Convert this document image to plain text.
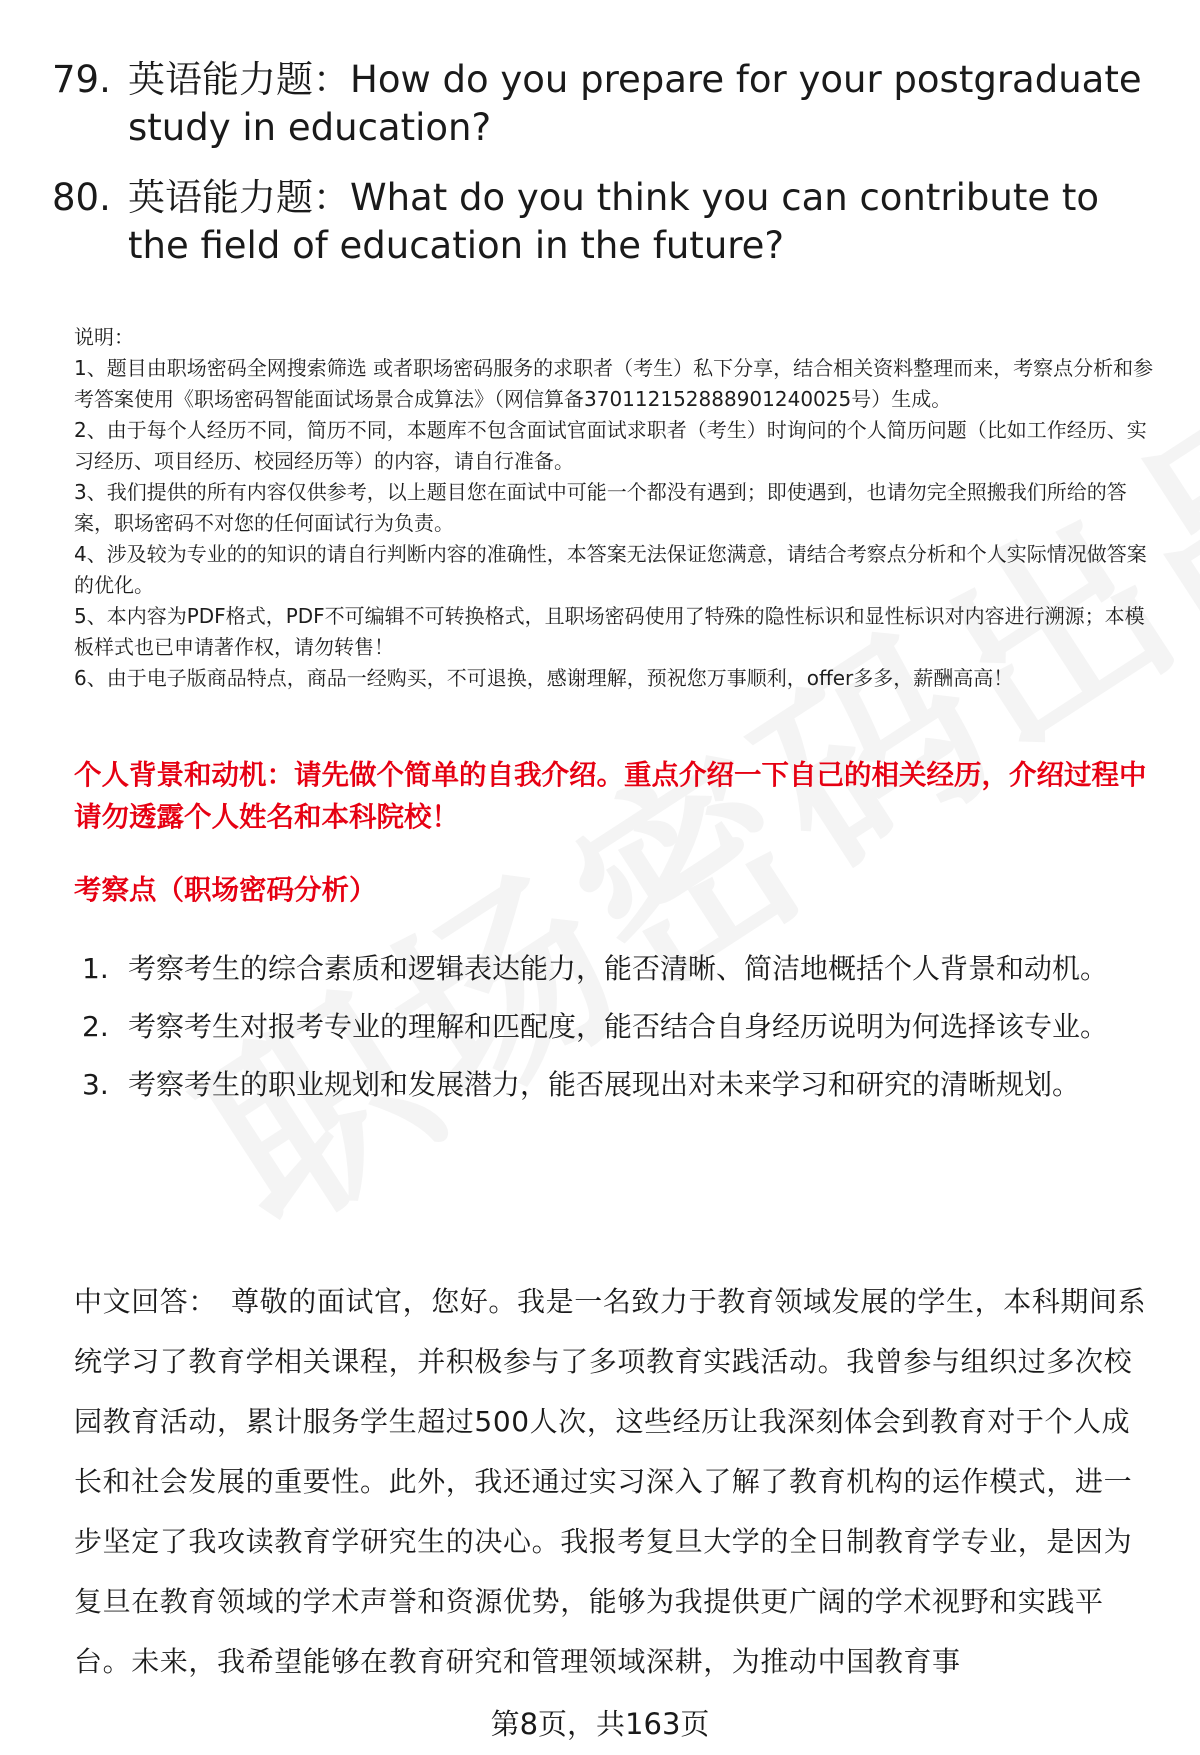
79. 英语能力题：How do you prepare for your postgraduate study in education?
80. 英语能力题：What do you think you can contribute to the field of education in the future?

说明：

1、题目由职场密码全网搜索筛选 或者职场密码服务的求职者（考生）私下分享，结合相关资料整理而来，考察点分析和参考答案使用《职场密码智能面试场景合成算法》（网信算备370112152888901240025号）生成。

2、由于每个人经历不同，简历不同，本题库不包含面试官面试求职者（考生）时询问的个人简历问题（比如工作经历、实习经历、项目经历、校园经历等）的内容，请自行准备。

3、我们提供的所有内容仅供参考，以上题目您在面试中可能一个都没有遇到；即使遇到，也请勿完全照搬我们所给的答案，职场密码不对您的任何面试行为负责。

4、涉及较为专业的的知识的请自行判断内容的准确性，本答案无法保证您满意，请结合考察点分析和个人实际情况做答案的优化。

5、本内容为PDF格式，PDF不可编辑不可转换格式，且职场密码使用了特殊的隐性标识和显性标识对内容进行溯源；本模板样式也已申请著作权，请勿转售！

6、由于电子版商品特点，商品一经购买，不可退换，感谢理解，预祝您万事顺利，offer多多，薪酬高高！

个人背景和动机：请先做个简单的自我介绍。重点介绍一下自己的相关经历，介绍过程中请勿透露个人姓名和本科院校！
考察点（职场密码分析）
1. 考察考生的综合素质和逻辑表达能力，能否清晰、简洁地概括个人背景和动机。
2. 考察考生对报考专业的理解和匹配度，能否结合自身经历说明为何选择该专业。
3. 考察考生的职业规划和发展潜力，能否展现出对未来学习和研究的清晰规划。
中文回答： 尊敬的面试官，您好。我是一名致力于教育领域发展的学生，本科期间系统学习了教育学相关课程，并积极参与了多项教育实践活动。我曾参与组织过多次校园教育活动，累计服务学生超过500人次，这些经历让我深刻体会到教育对于个人成长和社会发展的重要性。此外，我还通过实习深入了解了教育机构的运作模式，进一步坚定了我攻读教育学研究生的决心。我报考复旦大学的全日制教育学专业，是因为复旦在教育领域的学术声誉和资源优势，能够为我提供更广阔的学术视野和实践平台。未来，我希望能够在教育研究和管理领域深耕，为推动中国教育事
第8页，共163页
